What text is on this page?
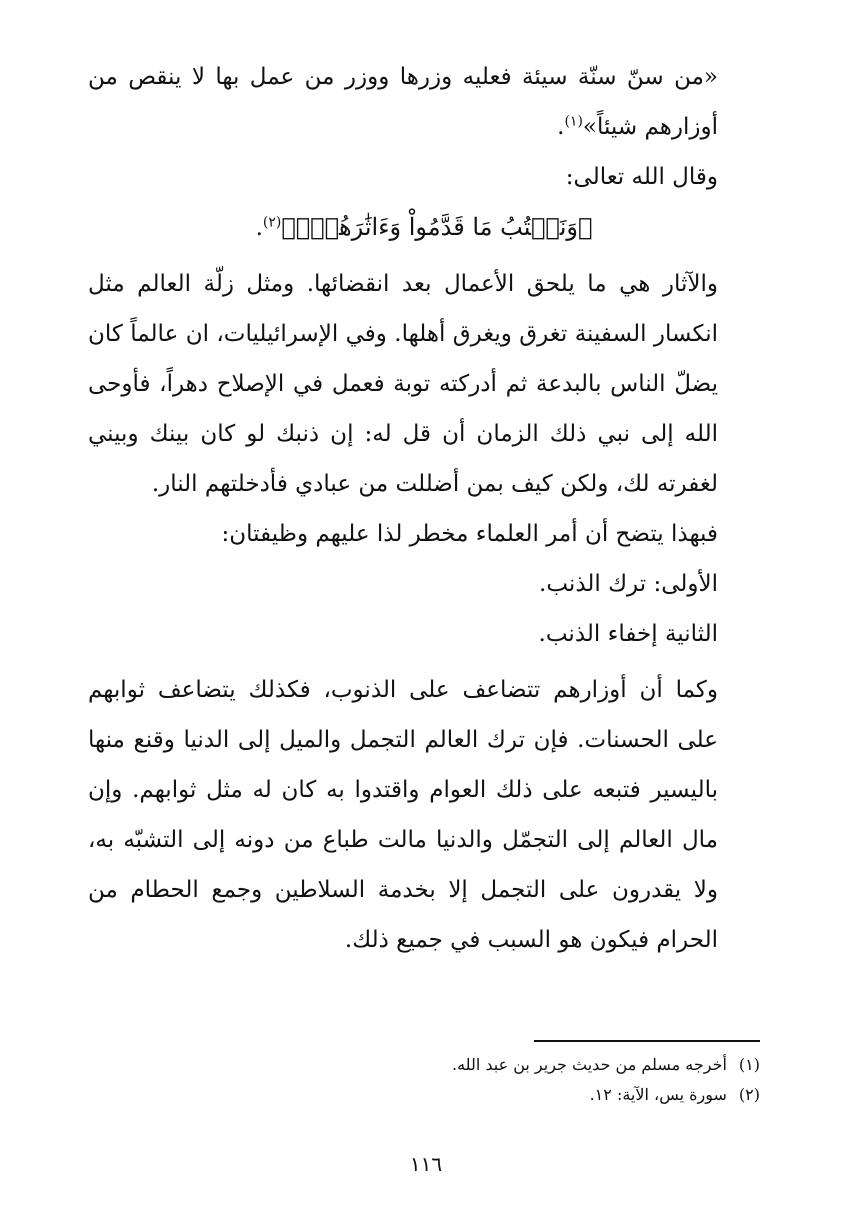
«من سنّ سنّة سيئة فعليه وزرها ووزر من عمل بها لا ينقص من أوزارهم شيئاً»$^{(١)}$.

وقال الله تعالى:

﴿وَنَكۡتُبُ مَا قَدَّمُواْ وَءَاثَٰرَهُمۡۚ﴾$^{(٢)}$.

والآثار هي ما يلحق الأعمال بعد انقضائها. ومثل زلّة العالم مثل انكسار السفينة تغرق ويغرق أهلها. وفي الإسرائيليات، ان عالماً كان يضلّ الناس بالبدعة ثم أدركته توبة فعمل في الإصلاح دهراً، فأوحى الله إلى نبي ذلك الزمان أن قل له: إن ذنبك لو كان بينك وبيني لغفرته لك، ولكن كيف بمن أضللت من عبادي فأدخلتهم النار.

فبهذا يتضح أن أمر العلماء مخطر لذا عليهم وظيفتان:

الأولى: ترك الذنب.

الثانية إخفاء الذنب.

وكما أن أوزارهم تتضاعف على الذنوب، فكذلك يتضاعف ثوابهم على الحسنات. فإن ترك العالم التجمل والميل إلى الدنيا وقنع منها باليسير فتبعه على ذلك العوام واقتدوا به كان له مثل ثوابهم. وإن مال العالم إلى التجمّل والدنيا مالت طباع من دونه إلى التشبّه به، ولا يقدرون على التجمل إلا بخدمة السلاطين وجمع الحطام من الحرام فيكون هو السبب في جميع ذلك.

(١)أخرجه مسلم من حديث جرير بن عبد الله.

(٢)سورة يس، الآية: ١٢.

١١٦
